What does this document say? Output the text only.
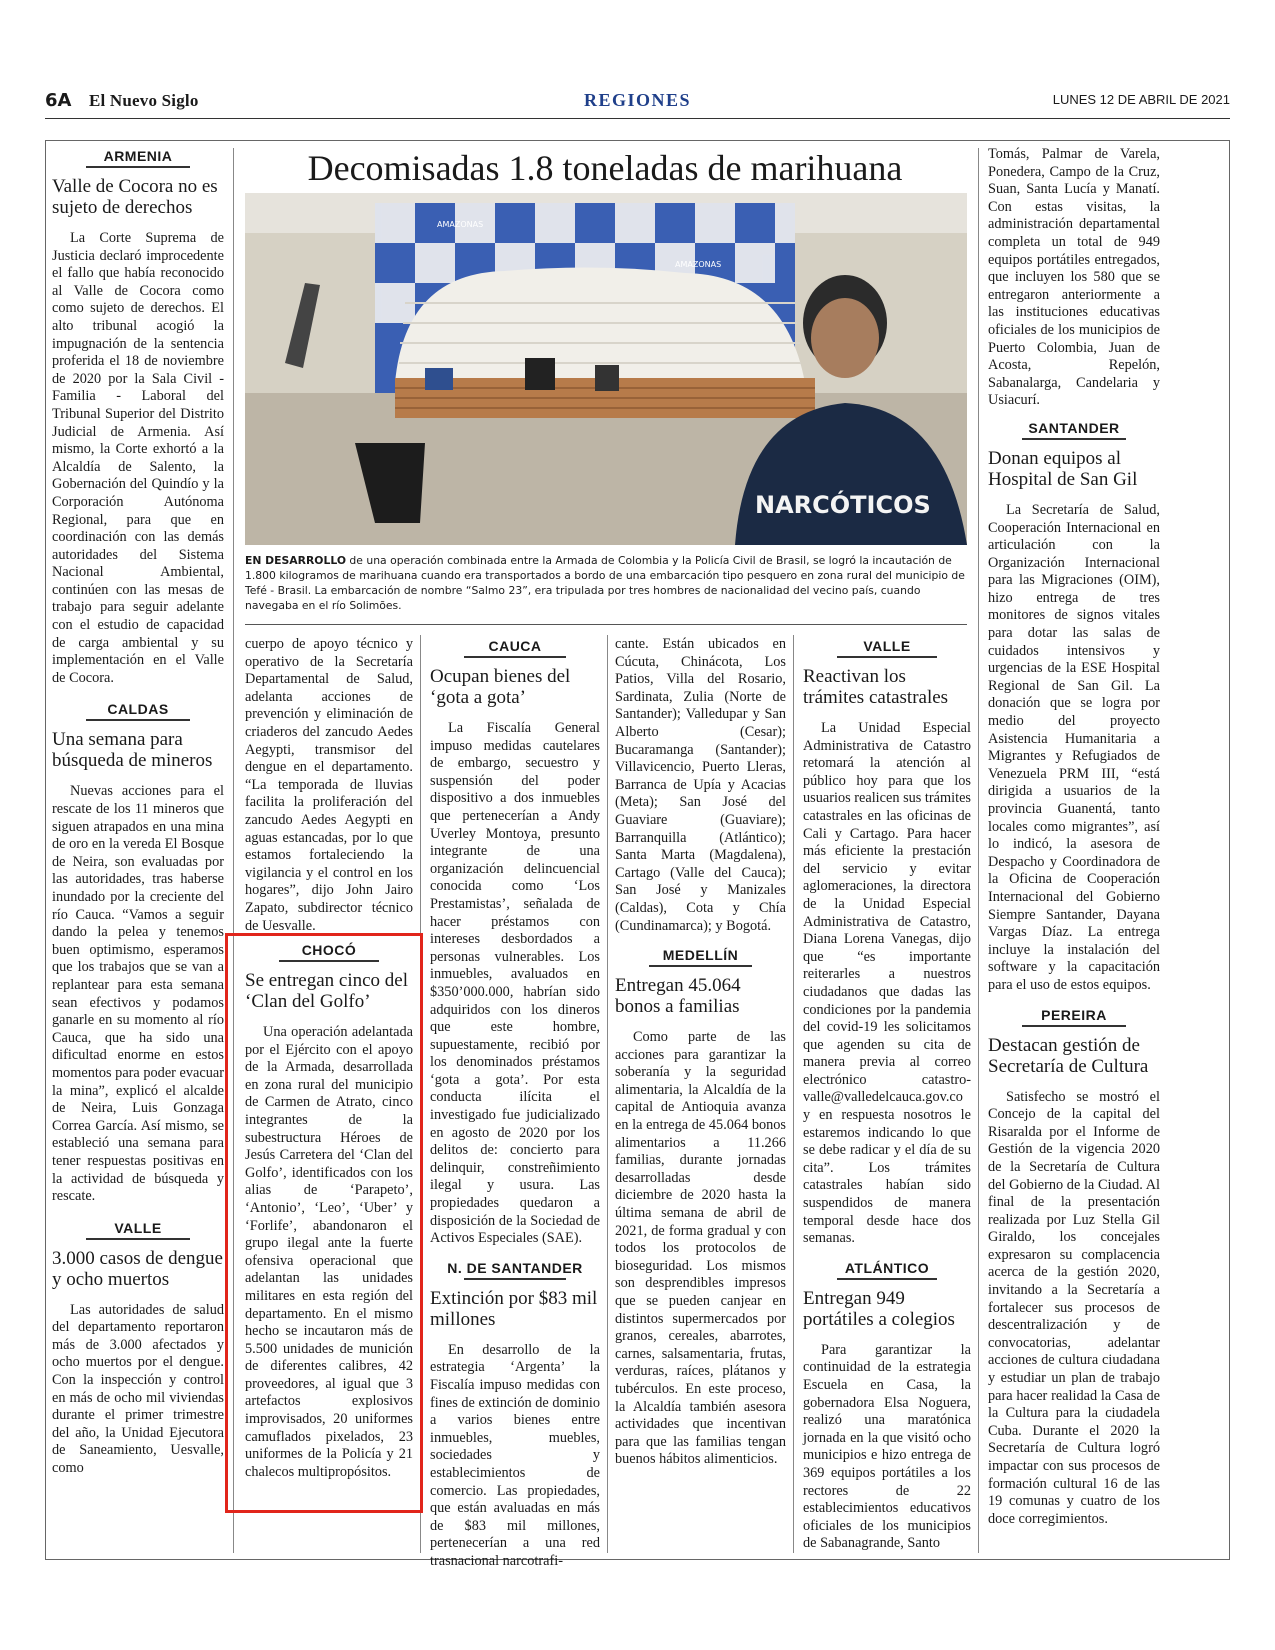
6A El Nuevo Siglo	REGIONES	LUNES 12 DE ABRIL DE 2021
Decomisadas 1.8 toneladas de marihuana
AMAZONAS
AMAZONAS
NARCÓTICOS
EN DESARROLLO de una operación combinada entre la Armada de Colombia y la Policía Civil de Brasil, se logró la incautación de 1.800 kilogramos de marihuana cuando era transportados a bordo de una embarcación tipo pesquero en zona rural del municipio de Tefé - Brasil. La embarcación de nombre “Salmo 23”, era tripulada por tres hombres de nacionalidad del vecino país, cuando navegaba en el río Solimões.
ARMENIA
Valle de Cocora no es sujeto de derechos

La Corte Suprema de Justicia declaró improcedente el fallo que había reconocido al Valle de Cocora como como sujeto de derechos. El alto tribunal acogió la impugnación de la sentencia proferida el 18 de noviembre de 2020 por la Sala Civil - Familia - Laboral del Tribunal Superior del Distrito Judicial de Armenia. Así mismo, la Corte exhortó a la Alcaldía de Salento, la Gobernación del Quindío y la Corporación Autónoma Regional, para que en coordinación con las demás autoridades del Sistema Nacional Ambiental, continúen con las mesas de trabajo para seguir adelante con el estudio de capacidad de carga ambiental y su implementación en el Valle de Cocora.

CALDAS
Una semana para búsqueda de mineros

Nuevas acciones para el rescate de los 11 mineros que siguen atrapados en una mina de oro en la vereda El Bosque de Neira, son evaluadas por las autoridades, tras haberse inundado por la creciente del río Cauca. “Vamos a seguir dando la pelea y tenemos buen optimismo, esperamos que los trabajos que se van a replantear para esta semana sean efectivos y podamos ganarle en su momento al río Cauca, que ha sido una dificultad enorme en estos momentos para poder evacuar la mina”, explicó el alcalde de Neira, Luis Gonzaga Correa García. Así mismo, se estableció una semana para tener respuestas positivas en la actividad de búsqueda y rescate.

VALLE
3.000 casos de dengue y ocho muertos

Las autoridades de salud del departamento reportaron más de 3.000 afectados y ocho muertos por el dengue. Con la inspección y control en más de ocho mil viviendas durante el primer trimestre del año, la Unidad Ejecutora de Saneamiento, Uesvalle, como

cuerpo de apoyo técnico y operativo de la Secretaría Departamental de Salud, adelanta acciones de prevención y eliminación de criaderos del zancudo Aedes Aegypti, transmisor del dengue en el departamento. “La temporada de lluvias facilita la proliferación del zancudo Aedes Aegypti en aguas estancadas, por lo que estamos fortaleciendo la vigilancia y el control en los hogares”, dijo John Jairo Zapato, subdirector técnico de Uesvalle.

CHOCÓ
Se entregan cinco del ‘Clan del Golfo’

Una operación adelantada por el Ejército con el apoyo de la Armada, desarrollada en zona rural del municipio de Carmen de Atrato, cinco integrantes de la subestructura Héroes de Jesús Carretera del ‘Clan del Golfo’, identificados con los alias de ‘Parapeto’, ‘Antonio’, ‘Leo’, ‘Uber’ y ‘Forlife’, abandonaron el grupo ilegal ante la fuerte ofensiva operacional que adelantan las unidades militares en esta región del departamento. En el mismo hecho se incautaron más de 5.500 unidades de munición de diferentes calibres, 42 proveedores, al igual que 3 artefactos explosivos improvisados, 20 uniformes camuflados pixelados, 23 uniformes de la Policía y 21 chalecos multipropósitos.

CAUCA
Ocupan bienes del ‘gota a gota’

La Fiscalía General impuso medidas cautelares de embargo, secuestro y suspensión del poder dispositivo a dos inmuebles que pertenecerían a Andy Uverley Montoya, presunto integrante de una organización delincuencial conocida como ‘Los Prestamistas’, señalada de hacer préstamos con intereses desbordados a personas vulnerables. Los inmuebles, avaluados en $350’000.000, habrían sido adquiridos con los dineros que este hombre, supuestamente, recibió por los denominados préstamos ‘gota a gota’. Por esta conducta ilícita el investigado fue judicializado en agosto de 2020 por los delitos de: concierto para delinquir, constreñimiento ilegal y usura. Las propiedades quedaron a disposición de la Sociedad de Activos Especiales (SAE).

N. DE SANTANDER
Extinción por $83 mil millones

En desarrollo de la estrategia ‘Argenta’ la Fiscalía impuso medidas con fines de extinción de dominio a varios bienes entre inmuebles, muebles, sociedades y establecimientos de comercio. Las propiedades, que están avaluadas en más de $83 mil millones, pertenecerían a una red trasnacional narcotrafi-

cante. Están ubicados en Cúcuta, Chinácota, Los Patios, Villa del Rosario, Sardinata, Zulia (Norte de Santander); Valledupar y San Alberto (Cesar); Bucaramanga (Santander); Villavicencio, Puerto Lleras, Barranca de Upía y Acacias (Meta); San José del Guaviare (Guaviare); Barranquilla (Atlántico); Santa Marta (Magdalena), Cartago (Valle del Cauca); San José y Manizales (Caldas), Cota y Chía (Cundinamarca); y Bogotá.

MEDELLÍN
Entregan 45.064 bonos a familias

Como parte de las acciones para garantizar la soberanía y la seguridad alimentaria, la Alcaldía de la capital de Antioquia avanza en la entrega de 45.064 bonos alimentarios a 11.266 familias, durante jornadas desarrolladas desde diciembre de 2020 hasta la última semana de abril de 2021, de forma gradual y con todos los protocolos de bioseguridad. Los mismos son desprendibles impresos que se pueden canjear en distintos supermercados por granos, cereales, abarrotes, carnes, salsamentaria, frutas, verduras, raíces, plátanos y tubérculos. En este proceso, la Alcaldía también asesora actividades que incentivan para que las familias tengan buenos hábitos alimenticios.

VALLE
Reactivan los trámites catastrales

La Unidad Especial Administrativa de Catastro retomará la atención al público hoy para que los usuarios realicen sus trámites catastrales en las oficinas de Cali y Cartago. Para hacer más eficiente la prestación del servicio y evitar aglomeraciones, la directora de la Unidad Especial Administrativa de Catastro, Diana Lorena Vanegas, dijo que “es importante reiterarles a nuestros ciudadanos que dadas las condiciones por la pandemia del covid-19 les solicitamos que agenden su cita de manera previa al correo electrónico catastro-valle@valledelcauca.gov.co y en respuesta nosotros le estaremos indicando lo que se debe radicar y el día de su cita”. Los trámites catastrales habían sido suspendidos de manera temporal desde hace dos semanas.

ATLÁNTICO
Entregan 949 portátiles a colegios

Para garantizar la continuidad de la estrategia Escuela en Casa, la gobernadora Elsa Noguera, realizó una maratónica jornada en la que visitó ocho municipios e hizo entrega de 369 equipos portátiles a los rectores de 22 establecimientos educativos oficiales de los municipios de Sabanagrande, Santo

Tomás, Palmar de Varela, Ponedera, Campo de la Cruz, Suan, Santa Lucía y Manatí. Con estas visitas, la administración departamental completa un total de 949 equipos portátiles entregados, que incluyen los 580 que se entregaron anteriormente a las instituciones educativas oficiales de los municipios de Puerto Colombia, Juan de Acosta, Repelón, Sabanalarga, Candelaria y Usiacurí.

SANTANDER
Donan equipos al Hospital de San Gil

La Secretaría de Salud, Cooperación Internacional en articulación con la Organización Internacional para las Migraciones (OIM), hizo entrega de tres monitores de signos vitales para dotar las salas de cuidados intensivos y urgencias de la ESE Hospital Regional de San Gil. La donación que se logra por medio del proyecto Asistencia Humanitaria a Migrantes y Refugiados de Venezuela PRM III, “está dirigida a usuarios de la provincia Guanentá, tanto locales como migrantes”, así lo indicó, la asesora de Despacho y Coordinadora de la Oficina de Cooperación Internacional del Gobierno Siempre Santander, Dayana Vargas Díaz. La entrega incluye la instalación del software y la capacitación para el uso de estos equipos.

PEREIRA
Destacan gestión de Secretaría de Cultura

Satisfecho se mostró el Concejo de la capital del Risaralda por el Informe de Gestión de la vigencia 2020 de la Secretaría de Cultura del Gobierno de la Ciudad. Al final de la presentación realizada por Luz Stella Gil Giraldo, los concejales expresaron su complacencia acerca de la gestión 2020, invitando a la Secretaría a fortalecer sus procesos de descentralización y de convocatorias, adelantar acciones de cultura ciudadana y estudiar un plan de trabajo para hacer realidad la Casa de la Cultura para la ciudadela Cuba. Durante el 2020 la Secretaría de Cultura logró impactar con sus procesos de formación cultural 16 de las 19 comunas y cuatro de los doce corregimientos.
